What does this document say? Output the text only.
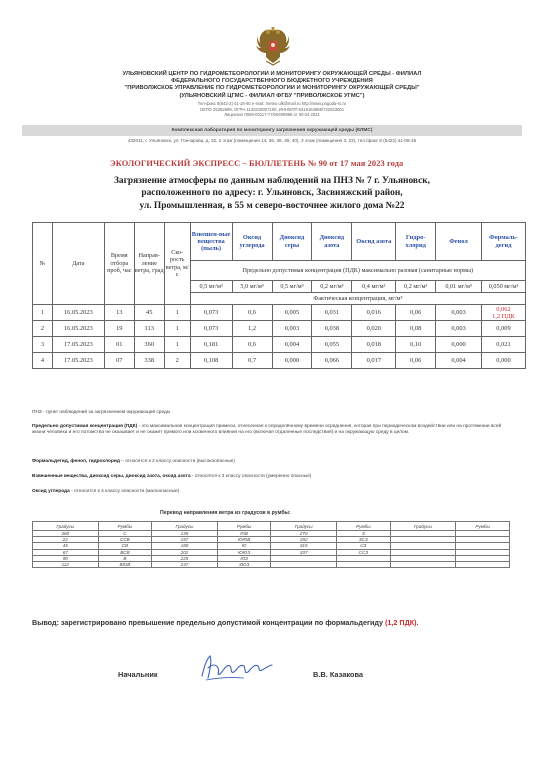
УЛЬЯНОВСКИЙ ЦЕНТР ПО ГИДРОМЕТЕОРОЛОГИИ И МОНИТОРИНГУ ОКРУЖАЮЩЕЙ СРЕДЫ - ФИЛИАЛ
ФЕДЕРАЛЬНОГО ГОСУДАРСТВЕННОГО БЮДЖЕТНОГО УЧРЕЖДЕНИЯ
"ПРИВОЛЖСКОЕ УПРАВЛЕНИЕ ПО ГИДРОМЕТЕОРОЛОГИИ И МОНИТОРИНГУ ОКРУЖАЮЩЕЙ СРЕДЫ"
(УЛЬЯНОВСКИЙ ЦГМС - ФИЛИАЛ ФГБУ "ПРИВОЛЖСКОЕ УГМС")
Тел-факс 8(842-2) 41-18-80 e-mail: meteo.ulk@mail.ru http://www.pogoda-ru.ru
ОКПО 25282699, ОГРН 1126319007100, ИНН/КПП 6319164989/732543001
Лицензия Л059-00117-77/00499996 от 09.04.2021
Комплексная лаборатория по мониторингу загрязнения окружающей среды (КЛМС)
432011, г. Ульяновск, ул. Гончарова, д. 32, 2 этаж (помещения 14, 36, 38, 39, 40), 3 этаж (помещения 3, 22), тел./факс 8 (8422) 41-08-25
ЭКОЛОГИЧЕСКИЙ ЭКСПРЕСС – БЮЛЛЕТЕНЬ № 90 от 17 мая 2023 года
Загрязнение атмосферы по данным наблюдений на ПНЗ № 7 г. Ульяновск,
расположенного по адресу: г. Ульяновск, Засвияжский район,
ул. Промышленная, в 55 м северо-восточнее жилого дома №22
№	Дата	Время отбора проб, час	Направ-ление ветра, град	Ско-рость ветра, м/с	Взвешен-ные вещества (пыль)	Оксид углерода	Диоксид серы	Диоксид азота	Оксид азота	Гидро-хлорид	Фенол	Формаль-дегид
					Предельно допустимая концентрация (ПДК) максимально разовая (санитарные нормы)							
					0,5 мг/м³	5,0 мг/м³	0,5 мг/м³	0,2 мг/м³	0,4 мг/м³	0,2 мг/м³	0,01 мг/м³	0,050 мг/м³
					Фактическая концентрация, мг/м³							
1	16.05.2023	13	45	1	0,073	0,6	0,005	0,031	0,016	0,06	0,003	0,062
1,2 ПДК

2	16.05.2023	19	113	1	0,073	1,2	0,003	0,038	0,020	0,08	0,003	0,009

3	17.05.2023	01	360	1	0,181	0,6	0,004	0,055	0,018	0,10	0,000	0,021

4	17.05.2023	07	338	2	0,108	0,7	0,000	0,066	0,017	0,06	0,004	0,000
ПНЗ - пункт наблюдений за загрязнением окружающей среды
Предельно допустимая концентрация (ПДК) - это максимальная концентрация примеси, отнесенная к определённому времени осреднения, которая при периодическом воздействии или на протяжении всей жизни человека и его потомства не оказывает и не окажет прямого или косвенного влияния на его (включая отдаленные последствия) и на окружающую среду в целом.
Формальдегид, фенол, гидрохлорид – относятся к 2 классу опасности (высокоопасные)
Взвешенные вещества, диоксид серы, диоксид азота, оксид азота - относятся к 3 классу опасности (умеренно опасные)
Оксид углерода - относится к 4 классу опасности (малоопасные)
Перевод направления ветра из градусов в румбы:
Градусы	Румбы	Градусы	Румбы	Градусы	Румбы	Градусы	Румбы
360	С	135	ЮВ	270	З		
22	ССВ	157	ЮЮВ	292	ЗСЗ		
45	СВ	180	Ю	315	СЗ		
67	ВСВ	202	ЮЮЗ	337	ССЗ		
90	В	225	ЮЗ				
112	ВЮВ	247	ЗЮЗ				
Вывод: зарегистрировано превышение предельно допустимой концентрации по формальдегиду (1,2 ПДК).
Начальник	В.В. Казакова
